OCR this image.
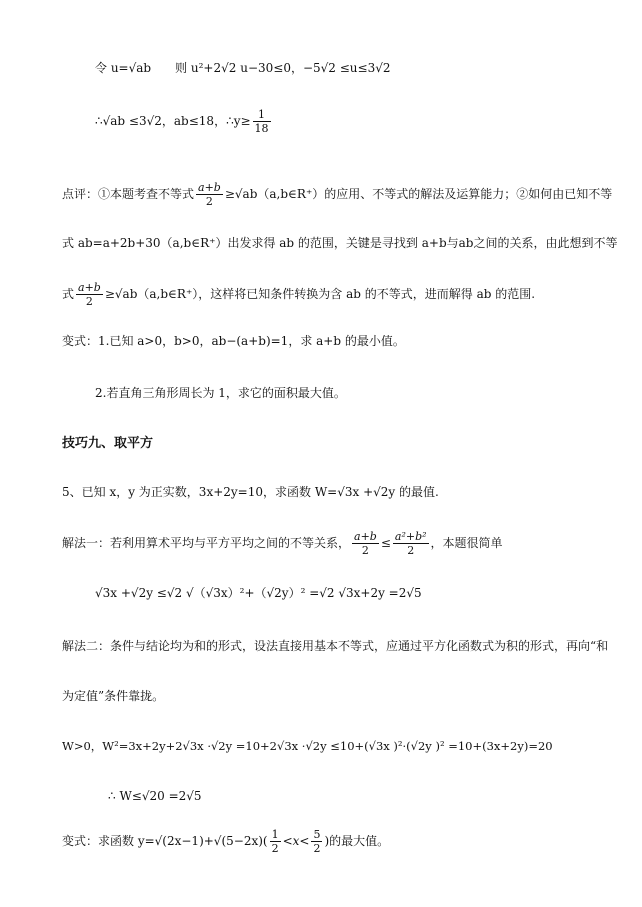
令 u=√ab　　则 u²+2√2 u−30≤0，−5√2 ≤u≤3√2
∴√ab ≤3√2，ab≤18，∴y≥ $\frac{1}{18}$
点评：①本题考查不等式 $\frac{a+b}{2}$ ≥√ab（a,b∈R⁺）的应用、不等式的解法及运算能力；②如何由已知不等
式 ab=a+2b+30（a,b∈R⁺）出发求得 ab 的范围，关键是寻找到 a+b与ab之间的关系，由此想到不等
式 $\frac{a+b}{2}$ ≥√ab（a,b∈R⁺），这样将已知条件转换为含 ab 的不等式，进而解得 ab 的范围.
变式：1.已知 a>0，b>0，ab−(a+b)=1，求 a+b 的最小值。
2.若直角三角形周长为 1，求它的面积最大值。
技巧九、取平方
5、已知 x，y 为正实数，3x+2y=10，求函数 W=√3x +√2y 的最值.
解法一：若利用算术平均与平方平均之间的不等关系， $\frac{a+b}{2} \le \frac{\text{a²+b²}}{2}$ ，本题很简单
√3x +√2y ≤√2 √（√3x）²+（√2y）² =√2 √3x+2y =2√5
解法二：条件与结论均为和的形式，设法直接用基本不等式，应通过平方化函数式为积的形式，再向“和
为定值”条件靠拢。
W>0，W²=3x+2y+2√3x ·√2y =10+2√3x ·√2y ≤10+(√3x )²·(√2y )² =10+(3x+2y)=20
∴ W≤√20 =2√5
变式：求函数 $y=√(2x-1)+√(5-2x)( \frac{1}{2} <x< \frac{5}{2}$ )的最大值。
